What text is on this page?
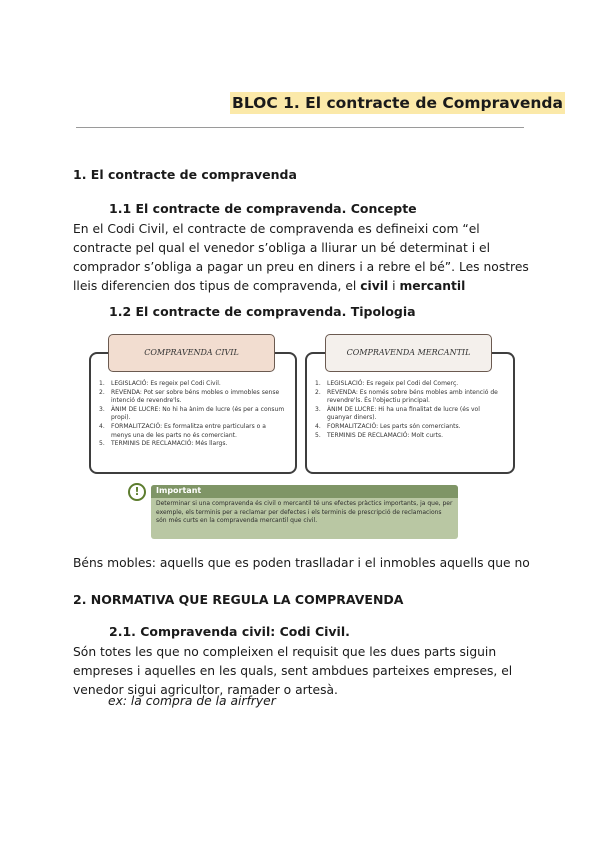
BLOC 1. El contracte de Compravenda
1. El contracte de compravenda
1.1 El contracte de compravenda. Concepte
En el Codi Civil, el contracte de compravenda es defineixi com “el
contracte pel qual el venedor s’obliga a lliurar un bé determinat i el
comprador s’obliga a pagar un preu en diners i a rebre el bé”. Les nostres
lleis diferencien dos tipus de compravenda, el civil i mercantil
1.2 El contracte de compravenda. Tipologia
COMPRAVENDA CIVIL
1.	LEGISLACIÓ: Es regeix pel Codi Civil.
2.	REVENDA: Pot ser sobre béns mobles o immobles sense intenció de revendre'ls.
3.	ÀNIM DE LUCRE: No hi ha ànim de lucre (és per a consum propi).
4.	FORMALITZACIÓ: Es formalitza entre particulars o a menys una de les parts no és comerciant.
5.	TERMINIS DE RECLAMACIÓ: Més llargs.
COMPRAVENDA MERCANTIL
1.	LEGISLACIÓ: Es regeix pel Codi del Comerç.
2.	REVENDA: Es només sobre béns mobles amb intenció de revendre'ls. És l'objectiu principal.
3.	ÀNIM DE LUCRE: Hi ha una finalitat de lucre (és vol guanyar diners).
4.	FORMALITZACIÓ: Les parts són comerciants.
5.	TERMINIS DE RECLAMACIÓ: Molt curts.
!	Important
Determinar si una compravenda és civil o mercantil té uns efectes pràctics importants, ja que, per exemple, els terminis per a reclamar per defectes i els terminis de prescripció de reclamacions són més curts en la compravenda mercantil que civil.
Béns mobles: aquells que es poden traslladar i el inmobles aquells que no
2. NORMATIVA QUE REGULA LA COMPRAVENDA
2.1. Compravenda civil: Codi Civil.
Són totes les que no compleixen el requisit que les dues parts siguin
empreses i aquelles en les quals, sent ambdues parteixes empreses, el
venedor sigui agricultor, ramader o artesà.
ex: la compra de la airfryer
